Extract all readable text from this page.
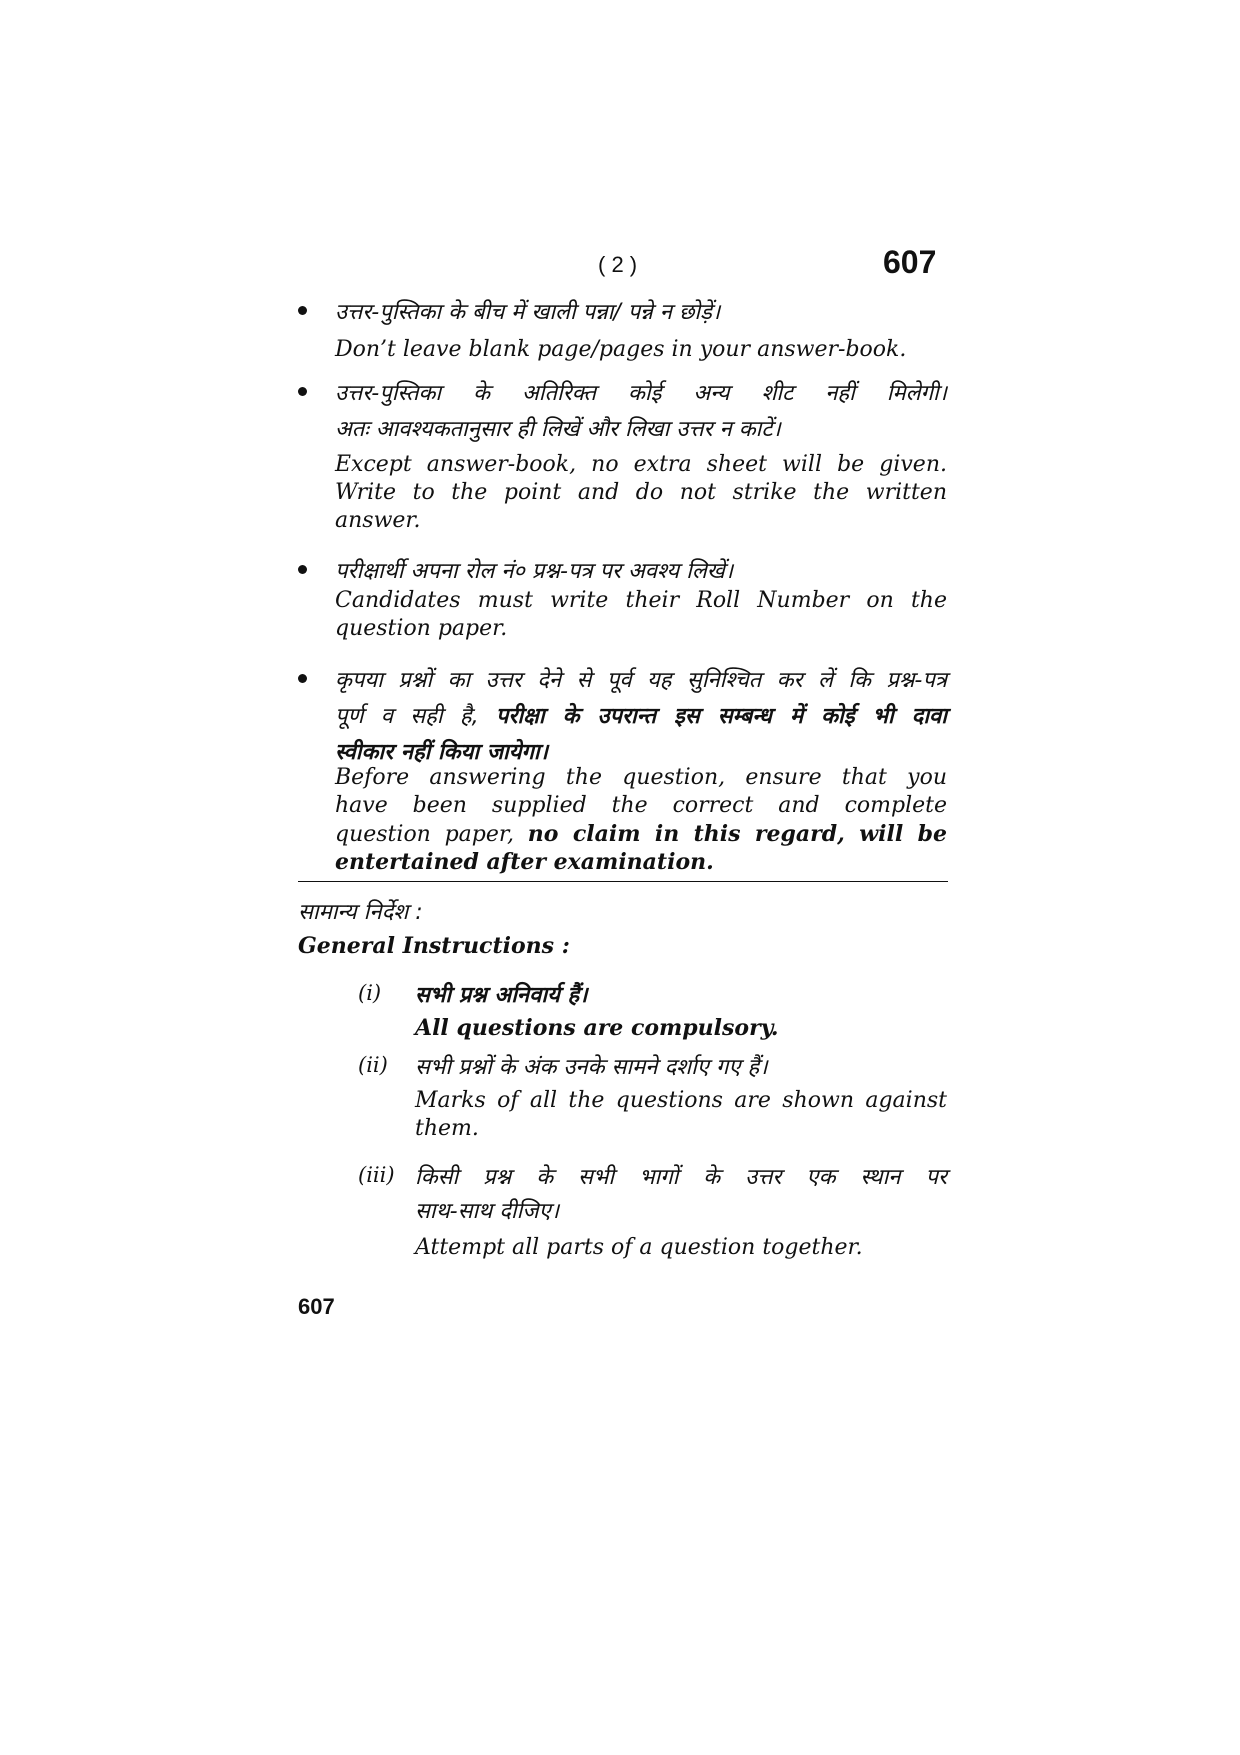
( 2 )	607
उत्तर-पुस्तिका के बीच में खाली पन्ना/ पन्ने न छोड़ें।
Don’t leave blank page/pages in your answer-book.
उत्तर-पुस्तिका के अतिरिक्त कोई अन्य शीट नहीं मिलेगी।
अतः आवश्यकतानुसार ही लिखें और लिखा उत्तर न काटें।
Except answer-book, no extra sheet will be given.
Write to the point and do not strike the written
answer.
परीक्षार्थी अपना रोल नं० प्रश्न-पत्र पर अवश्य लिखें।
Candidates must write their Roll Number on the
question paper.
कृपया प्रश्नों का उत्तर देने से पूर्व यह सुनिश्चित कर लें कि प्रश्न-पत्र
पूर्ण व सही है, परीक्षा के उपरान्त इस सम्बन्ध में कोई भी दावा
स्वीकार नहीं किया जायेगा।
Before answering the question, ensure that you
have been supplied the correct and complete
question paper, no claim in this regard, will be
entertained after examination.
सामान्य निर्देश :
General Instructions :
(i) सभी प्रश्न अनिवार्य हैं।
All questions are compulsory.
(ii) सभी प्रश्नों के अंक उनके सामने दर्शाए गए हैं।
Marks of all the questions are shown against
them.
(iii) किसी प्रश्न के सभी भागों के उत्तर एक स्थान पर
साथ-साथ दीजिए।
Attempt all parts of a question together.
607
